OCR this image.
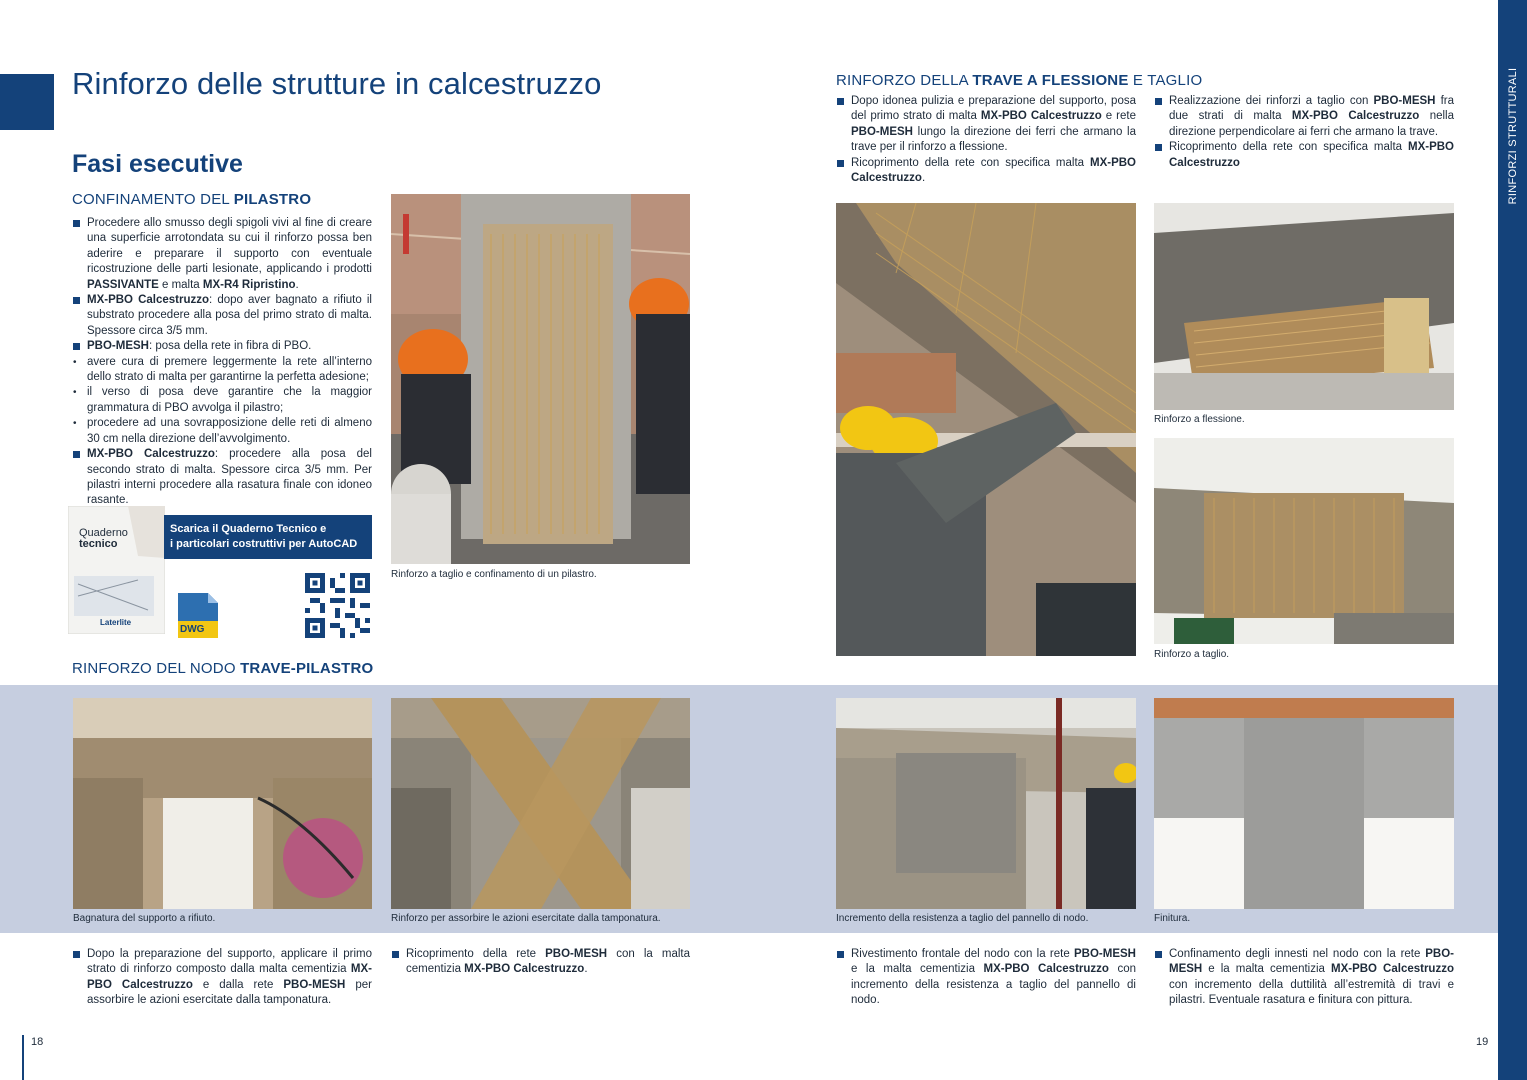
RINFORZI STRUTTURALI
Rinforzo delle strutture in calcestruzzo
Fasi esecutive
CONFINAMENTO DEL PILASTRO
Procedere allo smusso degli spigoli vivi al fine di creare una superficie arrotondata su cui il rinforzo possa ben aderire e preparare il supporto con eventuale ricostruzione delle parti lesionate, applicando i prodotti PASSIVANTE e malta MX-R4 Ripristino.
MX-PBO Calcestruzzo: dopo aver bagnato a rifiuto il substrato procedere alla posa del primo strato di malta. Spessore circa 3/5 mm.
PBO-MESH: posa della rete in fibra di PBO.
• avere cura di premere leggermente la rete all’interno dello strato di malta per garantirne la perfetta adesione;
• il verso di posa deve garantire che la maggior grammatura di PBO avvolga il pilastro;
• procedere ad una sovrapposizione delle reti di almeno 30 cm nella direzione dell’avvolgimento.
MX-PBO Calcestruzzo: procedere alla posa del secondo strato di malta. Spessore circa 3/5 mm. Per pilastri interni procedere alla rasatura finale con idoneo rasante.
Rinforzo a taglio e confinamento di un pilastro.
Quaderno
tecnico
Laterlite
DWG
Scarica il Quaderno Tecnico e
i particolari costruttivi per AutoCAD
RINFORZO DEL NODO TRAVE-PILASTRO
RINFORZO DELLA TRAVE A FLESSIONE E TAGLIO
Dopo idonea pulizia e preparazione del supporto, posa del primo strato di malta MX-PBO Calcestruzzo e rete PBO-MESH lungo la direzione dei ferri che armano la trave per il rinforzo a flessione.
Ricoprimento della rete con specifica malta MX-PBO Calcestruzzo.
Realizzazione dei rinforzi a taglio con PBO-MESH fra due strati di malta MX-PBO Calcestruzzo nella direzione perpendicolare ai ferri che armano la trave.
Ricoprimento della rete con specifica malta MX-PBO Calcestruzzo
Rinforzo a flessione.
Rinforzo a taglio.
Bagnatura del supporto a rifiuto.	Rinforzo per assorbire le azioni esercitate dalla tamponatura.	Incremento della resistenza a taglio del pannello di nodo.	Finitura.
Dopo la preparazione del supporto, applicare il primo strato di rinforzo composto dalla malta cementizia MX-PBO Calcestruzzo e dalla rete PBO-MESH per assorbire le azioni esercitate dalla tamponatura.
Ricoprimento della rete PBO-MESH con la malta cementizia MX-PBO Calcestruzzo.
Rivestimento frontale del nodo con la rete PBO-MESH e la malta cementizia MX-PBO Calcestruzzo con incremento della resistenza a taglio del pannello di nodo.
Confinamento degli innesti nel nodo con la rete PBO-MESH e la malta cementizia MX-PBO Calcestruzzo con incremento della duttilità all’estremità di travi e pilastri. Eventuale rasatura e finitura con pittura.
18	19
